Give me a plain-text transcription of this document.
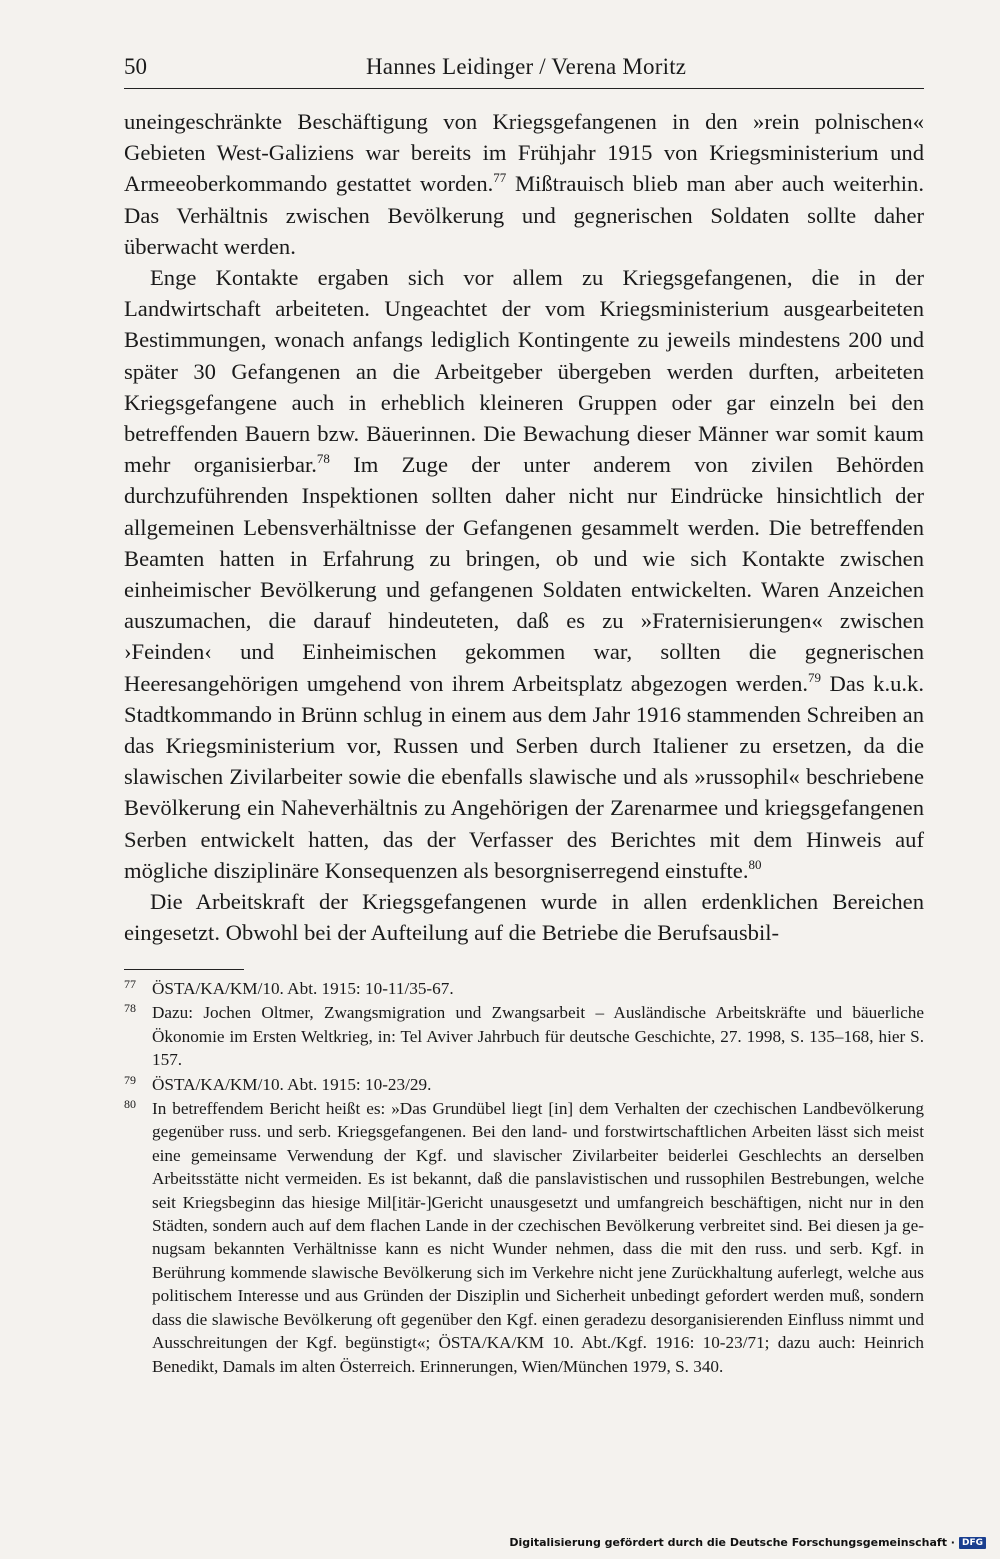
50	Hannes Leidinger / Verena Moritz

uneingeschränkte Beschäftigung von Kriegsgefangenen in den »rein polnischen« Gebieten West-Galiziens war bereits im Frühjahr 1915 von Kriegsministerium und Armeeoberkommando gestattet worden.$^{77}$ Mißtrauisch blieb man aber auch weiterhin. Das Verhältnis zwischen Bevölkerung und gegnerischen Soldaten sollte daher überwacht werden.

Enge Kontakte ergaben sich vor allem zu Kriegsgefangenen, die in der Landwirtschaft arbeiteten. Ungeachtet der vom Kriegsministerium ausgearbeiteten Bestimmungen, wonach anfangs lediglich Kontingente zu jeweils mindestens 200 und später 30 Gefangenen an die Arbeitgeber übergeben werden durften, arbeiteten Kriegsgefangene auch in erheblich kleineren Gruppen oder gar einzeln bei den betreffenden Bauern bzw. Bäuerinnen. Die Bewachung dieser Männer war somit kaum mehr organisierbar.$^{78}$ Im Zuge der unter anderem von zivilen Behörden durchzuführenden Inspektionen sollten daher nicht nur Eindrücke hinsichtlich der allgemeinen Lebensverhältnisse der Gefangenen gesammelt werden. Die betreffenden Beamten hatten in Erfahrung zu bringen, ob und wie sich Kontakte zwischen einheimischer Bevölkerung und gefangenen Soldaten entwickelten. Waren Anzeichen auszumachen, die darauf hindeuteten, daß es zu »Fraternisierungen« zwischen ›Feinden‹ und Einheimischen gekommen war, sollten die gegnerischen Heeresangehörigen umgehend von ihrem Arbeitsplatz abgezogen werden.$^{79}$ Das k.u.k. Stadtkommando in Brünn schlug in einem aus dem Jahr 1916 stammenden Schreiben an das Kriegsministerium vor, Russen und Serben durch Italiener zu ersetzen, da die slawischen Zivilarbeiter sowie die ebenfalls slawische und als »russophil« beschriebene Bevölkerung ein Naheverhältnis zu Angehörigen der Zarenarmee und kriegsgefangenen Serben entwickelt hatten, das der Verfasser des Berichtes mit dem Hinweis auf mögliche disziplinäre Konsequenzen als besorgniserregend einstufte.$^{80}$

Die Arbeitskraft der Kriegsgefangenen wurde in allen erdenklichen Bereichen eingesetzt. Obwohl bei der Aufteilung auf die Betriebe die Berufsausbil-

77 ÖSTA/KA/KM/10. Abt. 1915: 10-11/35-67.
78 Dazu: Jochen Oltmer, Zwangsmigration und Zwangsarbeit – Ausländische Arbeitskräfte und bäuerliche Ökonomie im Ersten Weltkrieg, in: Tel Aviver Jahrbuch für deutsche Geschichte, 27. 1998, S. 135–168, hier S. 157.
79 ÖSTA/KA/KM/10. Abt. 1915: 10-23/29.
80 In betreffendem Bericht heißt es: »Das Grundübel liegt [in] dem Verhalten der czechischen Landbevölkerung gegenüber russ. und serb. Kriegsgefangenen. Bei den land- und forstwirtschaftlichen Arbeiten lässt sich meist eine gemeinsame Verwendung der Kgf. und slavischer Zivilarbeiter beiderlei Geschlechts an derselben Arbeitsstätte nicht vermeiden. Es ist bekannt, daß die panslavistischen und russophilen Bestrebungen, welche seit Kriegsbeginn das hiesige Mil[itär-]Gericht unausgesetzt und umfangreich beschäftigen, nicht nur in den Städten, sondern auch auf dem flachen Lande in der czechischen Bevölkerung verbreitet sind. Bei diesen ja genugsam bekannten Verhältnisse kann es nicht Wunder nehmen, dass die mit den russ. und serb. Kgf. in Berührung kommende slawische Bevölkerung sich im Verkehre nicht jene Zurückhaltung auferlegt, welche aus politischem Interesse und aus Gründen der Disziplin und Sicherheit unbedingt gefordert werden muß, sondern dass die slawische Bevölkerung oft gegenüber den Kgf. einen geradezu desorganisierenden Einfluss nimmt und Ausschreitungen der Kgf. begünstigt«; ÖSTA/KA/KM 10. Abt./Kgf. 1916: 10-23/71; dazu auch: Heinrich Benedikt, Damals im alten Österreich. Erinnerungen, Wien/München 1979, S. 340.
Digitalisierung gefördert durch die Deutsche Forschungsgemeinschaft · DFG
